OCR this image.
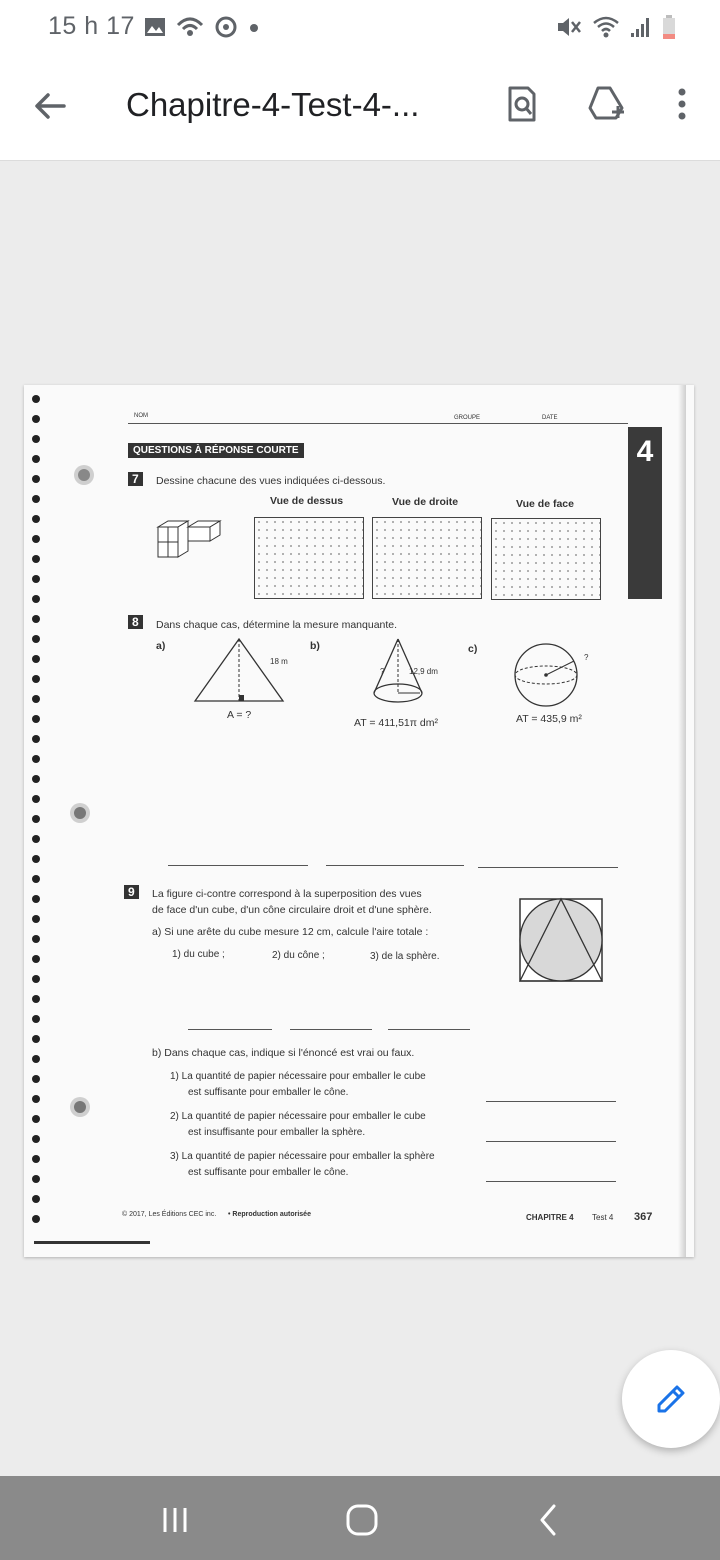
15 h 17
Chapitre-4-Test-4-...
NOM	GROUPE	DATE
QUESTIONS À RÉPONSE COURTE	4
7	Dessine chacune des vues indiquées ci-dessous.
Vue de dessus	Vue de droite	Vue de face
8	Dans chaque cas, détermine la mesure manquante.
a)	b)	c)
18 m
A = ?
12,9 dm
?
AT = 411,51π dm²
?
AT = 435,9 m²
9	La figure ci-contre correspond à la superposition des vues
de face d'un cube, d'un cône circulaire droit et d'une sphère.
a) Si une arête du cube mesure 12 cm, calcule l'aire totale :
1) du cube ;	2) du cône ;	3) de la sphère.
b) Dans chaque cas, indique si l'énoncé est vrai ou faux.
1) La quantité de papier nécessaire pour emballer le cube
est suffisante pour emballer le cône.
2) La quantité de papier nécessaire pour emballer le cube
est insuffisante pour emballer la sphère.
3) La quantité de papier nécessaire pour emballer la sphère
est suffisante pour emballer le cône.
© 2017, Les Éditions CEC inc. • Reproduction autorisée	CHAPITRE 4 Test 4 367
